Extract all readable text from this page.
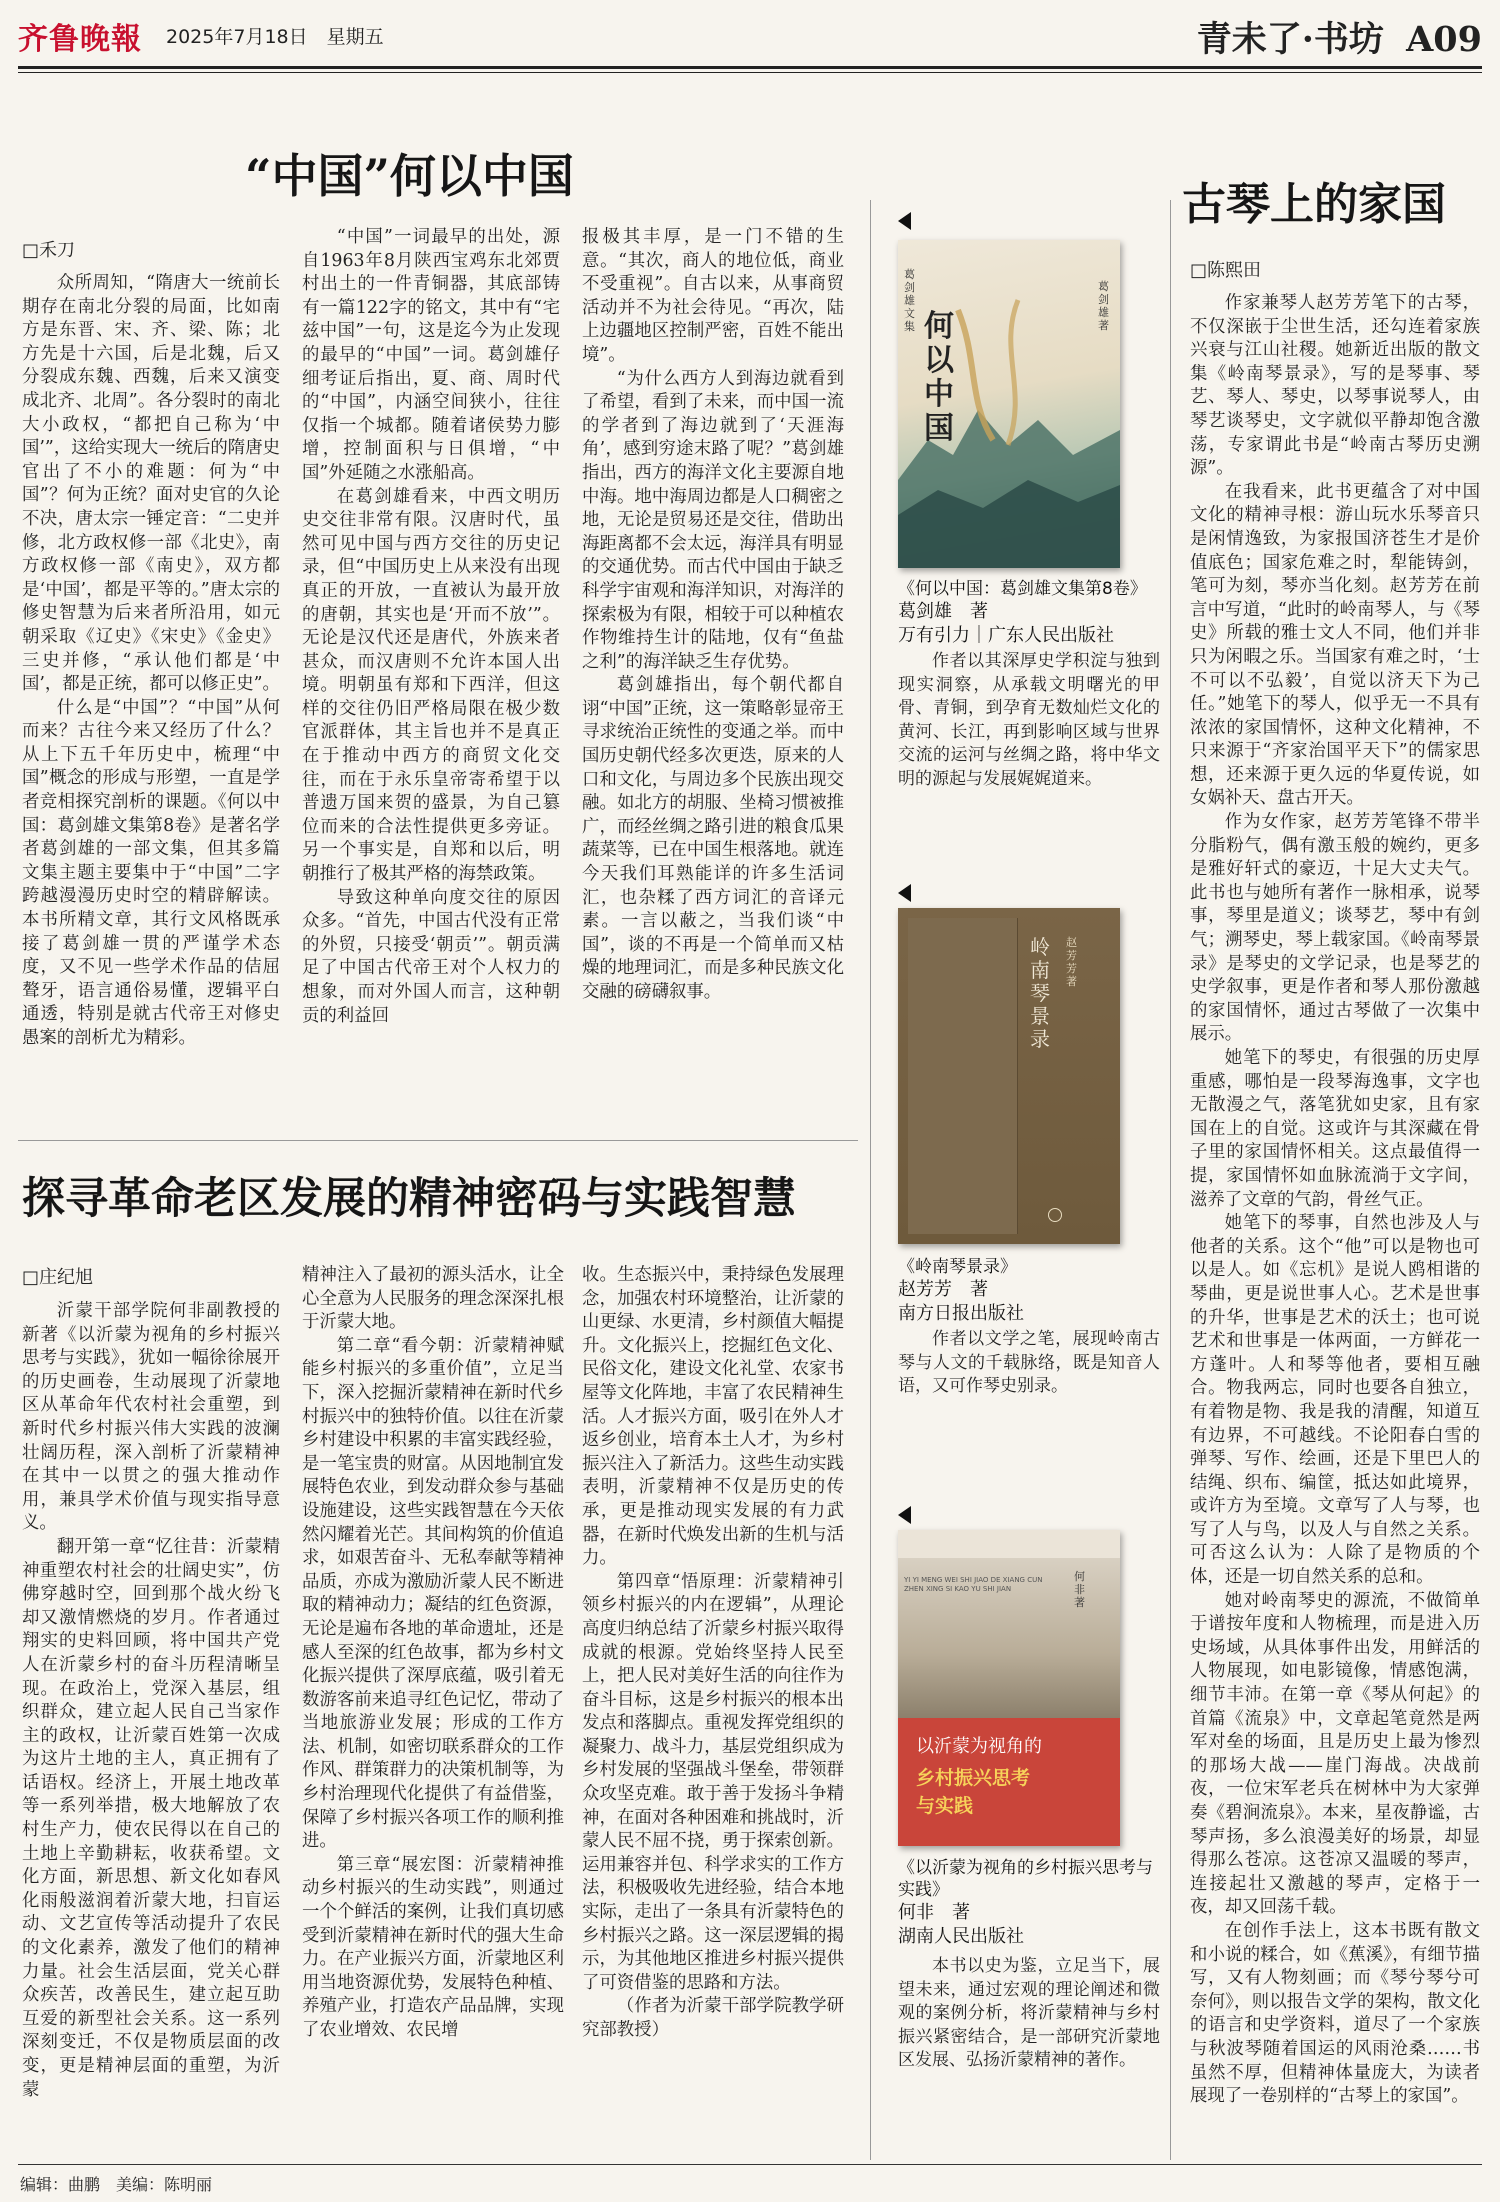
齐鲁晚報 2025年7月18日　星期五	青未了·书坊 A09
“中国”何以中国
□禾刀

众所周知，“隋唐大一统前长期存在南北分裂的局面，比如南方是东晋、宋、齐、梁、陈；北方先是十六国，后是北魏，后又分裂成东魏、西魏，后来又演变成北齐、北周”。各分裂时的南北大小政权，“都把自己称为‘中国’”，这给实现大一统后的隋唐史官出了不小的难题：何为“中国”？何为正统？面对史官的久论不决，唐太宗一锤定音：“二史并修，北方政权修一部《北史》，南方政权修一部《南史》，双方都是‘中国’，都是平等的。”唐太宗的修史智慧为后来者所沿用，如元朝采取《辽史》《宋史》《金史》三史并修，“承认他们都是‘中国’，都是正统，都可以修正史”。

什么是“中国”？“中国”从何而来？古往今来又经历了什么？从上下五千年历史中，梳理“中国”概念的形成与形塑，一直是学者竞相探究剖析的课题。《何以中国：葛剑雄文集第8卷》是著名学者葛剑雄的一部文集，但其多篇文集主题主要集中于“中国”二字跨越漫漫历史时空的精辟解读。本书所精文章，其行文风格既承接了葛剑雄一贯的严谨学术态度，又不见一些学术作品的佶屈聱牙，语言通俗易懂，逻辑平白通透，特别是就古代帝王对修史愚案的剖析尤为精彩。

“中国”一词最早的出处，源自1963年8月陕西宝鸡东北郊贾村出土的一件青铜器，其底部铸有一篇122字的铭文，其中有“宅兹中国”一句，这是迄今为止发现的最早的“中国”一词。葛剑雄仔细考证后指出，夏、商、周时代的“中国”，内涵空间狭小，往往仅指一个城都。随着诸侯势力膨增，控制面积与日俱增，“中国”外延随之水涨船高。

在葛剑雄看来，中西文明历史交往非常有限。汉唐时代，虽然可见中国与西方交往的历史记录，但“中国历史上从来没有出现真正的开放，一直被认为最开放的唐朝，其实也是‘开而不放’”。无论是汉代还是唐代，外族来者甚众，而汉唐则不允许本国人出境。明朝虽有郑和下西洋，但这样的交往仍旧严格局限在极少数官派群体，其主旨也并不是真正在于推动中西方的商贸文化交往，而在于永乐皇帝寄希望于以普遗万国来贺的盛景，为自己篡位而来的合法性提供更多旁证。另一个事实是，自郑和以后，明朝推行了极其严格的海禁政策。

导致这种单向度交往的原因众多。“首先，中国古代没有正常的外贸，只接受‘朝贡’”。朝贡满足了中国古代帝王对个人权力的想象，而对外国人而言，这种朝贡的利益回

报极其丰厚，是一门不错的生意。“其次，商人的地位低，商业不受重视”。自古以来，从事商贸活动并不为社会待见。“再次，陆上边疆地区控制严密，百姓不能出境”。

“为什么西方人到海边就看到了希望，看到了未来，而中国一流的学者到了海边就到了‘天涯海角’，感到穷途末路了呢？”葛剑雄指出，西方的海洋文化主要源自地中海。地中海周边都是人口稠密之地，无论是贸易还是交往，借助出海距离都不会太远，海洋具有明显的交通优势。而古代中国由于缺乏科学宇宙观和海洋知识，对海洋的探索极为有限，相较于可以种植农作物维持生计的陆地，仅有“鱼盐之利”的海洋缺乏生存优势。

葛剑雄指出，每个朝代都自诩“中国”正统，这一策略彰显帝王寻求统治正统性的变通之举。而中国历史朝代经多次更迭，原来的人口和文化，与周边多个民族出现交融。如北方的胡服、坐椅习惯被推广，而经丝绸之路引进的粮食瓜果蔬菜等，已在中国生根落地。就连今天我们耳熟能详的许多生活词汇，也杂糅了西方词汇的音译元素。一言以蔽之，当我们谈“中国”，谈的不再是一个简单而又枯燥的地理词汇，而是多种民族文化交融的磅礴叙事。

探寻革命老区发展的精神密码与实践智慧
□庄纪旭

沂蒙干部学院何非副教授的新著《以沂蒙为视角的乡村振兴思考与实践》，犹如一幅徐徐展开的历史画卷，生动展现了沂蒙地区从革命年代农村社会重塑，到新时代乡村振兴伟大实践的波澜壮阔历程，深入剖析了沂蒙精神在其中一以贯之的强大推动作用，兼具学术价值与现实指导意义。

翻开第一章“忆往昔：沂蒙精神重塑农村社会的壮阔史实”，仿佛穿越时空，回到那个战火纷飞却又激情燃烧的岁月。作者通过翔实的史料回顾，将中国共产党人在沂蒙乡村的奋斗历程清晰呈现。在政治上，党深入基层，组织群众，建立起人民自己当家作主的政权，让沂蒙百姓第一次成为这片土地的主人，真正拥有了话语权。经济上，开展土地改革等一系列举措，极大地解放了农村生产力，使农民得以在自己的土地上辛勤耕耘，收获希望。文化方面，新思想、新文化如春风化雨般滋润着沂蒙大地，扫盲运动、文艺宣传等活动提升了农民的文化素养，激发了他们的精神力量。社会生活层面，党关心群众疾苦，改善民生，建立起互助互爱的新型社会关系。这一系列深刻变迁，不仅是物质层面的改变，更是精神层面的重塑，为沂蒙

精神注入了最初的源头活水，让全心全意为人民服务的理念深深扎根于沂蒙大地。

第二章“看今朝：沂蒙精神赋能乡村振兴的多重价值”，立足当下，深入挖掘沂蒙精神在新时代乡村振兴中的独特价值。以往在沂蒙乡村建设中积累的丰富实践经验，是一笔宝贵的财富。从因地制宜发展特色农业，到发动群众参与基础设施建设，这些实践智慧在今天依然闪耀着光芒。其间构筑的价值追求，如艰苦奋斗、无私奉献等精神品质，亦成为激励沂蒙人民不断进取的精神动力；凝结的红色资源，无论是遍布各地的革命遗址，还是感人至深的红色故事，都为乡村文化振兴提供了深厚底蕴，吸引着无数游客前来追寻红色记忆，带动了当地旅游业发展；形成的工作方法、机制，如密切联系群众的工作作风、群策群力的决策机制等，为乡村治理现代化提供了有益借鉴，保障了乡村振兴各项工作的顺利推进。

第三章“展宏图：沂蒙精神推动乡村振兴的生动实践”，则通过一个个鲜活的案例，让我们真切感受到沂蒙精神在新时代的强大生命力。在产业振兴方面，沂蒙地区利用当地资源优势，发展特色种植、养殖产业，打造农产品品牌，实现了农业增效、农民增

收。生态振兴中，秉持绿色发展理念，加强农村环境整治，让沂蒙的山更绿、水更清，乡村颜值大幅提升。文化振兴上，挖掘红色文化、民俗文化，建设文化礼堂、农家书屋等文化阵地，丰富了农民精神生活。人才振兴方面，吸引在外人才返乡创业，培育本土人才，为乡村振兴注入了新活力。这些生动实践表明，沂蒙精神不仅是历史的传承，更是推动现实发展的有力武器，在新时代焕发出新的生机与活力。

第四章“悟原理：沂蒙精神引领乡村振兴的内在逻辑”，从理论高度归纳总结了沂蒙乡村振兴取得成就的根源。党始终坚持人民至上，把人民对美好生活的向往作为奋斗目标，这是乡村振兴的根本出发点和落脚点。重视发挥党组织的凝聚力、战斗力，基层党组织成为乡村发展的坚强战斗堡垒，带领群众攻坚克难。敢于善于发扬斗争精神，在面对各种困难和挑战时，沂蒙人民不屈不挠，勇于探索创新。运用兼容并包、科学求实的工作方法，积极吸收先进经验，结合本地实际，走出了一条具有沂蒙特色的乡村振兴之路。这一深层逻辑的揭示，为其他地区推进乡村振兴提供了可资借鉴的思路和方法。

（作者为沂蒙干部学院教学研究部教授）

葛剑雄文集 何以中国
葛剑雄 著
《何以中国：葛剑雄文集第8卷》
葛剑雄　著
万有引力｜广东人民出版社
作者以其深厚史学积淀与独到现实洞察，从承载文明曙光的甲骨、青铜，到孕育无数灿烂文化的黄河、长江，再到影响区域与世界交流的运河与丝绸之路，将中华文明的源起与发展娓娓道来。
岭南琴景录
赵芳芳 著
《岭南琴景录》
赵芳芳　著
南方日报出版社
作者以文学之笔，展现岭南古琴与人文的千载脉络，既是知音人语，又可作琴史别录。
YI YI MENG WEI SHI JIAO DE XIANG CUN ZHEN XING SI KAO YU SHI JIAN
何非 著
以沂蒙为视角的
乡村振兴思考与实践
《以沂蒙为视角的乡村振兴思考与实践》
何非　著
湖南人民出版社
本书以史为鉴，立足当下，展望未来，通过宏观的理论阐述和微观的案例分析，将沂蒙精神与乡村振兴紧密结合，是一部研究沂蒙地区发展、弘扬沂蒙精神的著作。
古琴上的家国
□陈熙田

作家兼琴人赵芳芳笔下的古琴，不仅深嵌于尘世生活，还勾连着家族兴衰与江山社稷。她新近出版的散文集《岭南琴景录》，写的是琴事、琴艺、琴人、琴史，以琴事说琴人，由琴艺谈琴史，文字就似平静却饱含激荡，专家谓此书是“岭南古琴历史溯源”。

在我看来，此书更蕴含了对中国文化的精神寻根：游山玩水乐琴音只是闲情逸致，为家报国济苍生才是价值底色；国家危难之时，犁能铸剑，笔可为刻，琴亦当化刻。赵芳芳在前言中写道，“此时的岭南琴人，与《琴史》所载的雅士文人不同，他们并非只为闲暇之乐。当国家有难之时，‘士不可以不弘毅’，自觉以济天下为己任。”她笔下的琴人，似乎无一不具有浓浓的家国情怀，这种文化精神，不只来源于“齐家治国平天下”的儒家思想，还来源于更久远的华夏传说，如女娲补天、盘古开天。

作为女作家，赵芳芳笔锋不带半分脂粉气，偶有激玉般的婉约，更多是雅好轩式的豪迈，十足大丈夫气。此书也与她所有著作一脉相承，说琴事，琴里是道义；谈琴艺，琴中有剑气；溯琴史，琴上载家国。《岭南琴景录》是琴史的文学记录，也是琴艺的史学叙事，更是作者和琴人那份激越的家国情怀，通过古琴做了一次集中展示。

她笔下的琴史，有很强的历史厚重感，哪怕是一段琴海逸事，文字也无散漫之气，落笔犹如史家，且有家国在上的自觉。这或许与其深藏在骨子里的家国情怀相关。这点最值得一提，家国情怀如血脉流淌于文字间，滋养了文章的气韵，骨丝气正。

她笔下的琴事，自然也涉及人与他者的关系。这个“他”可以是物也可以是人。如《忘机》是说人鸥相谐的琴曲，更是说世事人心。艺术是世事的升华，世事是艺术的沃土；也可说艺术和世事是一体两面，一方鲜花一方蓬叶。人和琴等他者，要相互融合。物我两忘，同时也要各自独立，有着物是物、我是我的清醒，知道互有边界，不可越线。不论阳春白雪的弹琴、写作、绘画，还是下里巴人的结绳、织布、编筐，抵达如此境界，或许方为至境。文章写了人与琴，也写了人与鸟，以及人与自然之关系。可否这么认为：人除了是物质的个体，还是一切自然关系的总和。

她对岭南琴史的源流，不做简单于谱按年度和人物梳理，而是进入历史场域，从具体事件出发，用鲜活的人物展现，如电影镜像，情感饱满，细节丰沛。在第一章《琴从何起》的首篇《流泉》中，文章起笔竟然是两军对垒的场面，且是历史上最为惨烈的那场大战——崖门海战。决战前夜，一位宋军老兵在树林中为大家弹奏《碧涧流泉》。本来，星夜静谧，古琴声扬，多么浪漫美好的场景，却显得那么苍凉。这苍凉又温暖的琴声，连接起壮又激越的琴声，定格于一夜，却又回荡千载。

在创作手法上，这本书既有散文和小说的糅合，如《蕉溪》，有细节描写，又有人物刻画；而《琴兮琴兮可奈何》，则以报告文学的架构，散文化的语言和史学资料，道尽了一个家族与秋波琴随着国运的风雨沧桑……书虽然不厚，但精神体量庞大，为读者展现了一卷别样的“古琴上的家国”。

编辑：曲鹏　美编：陈明丽
